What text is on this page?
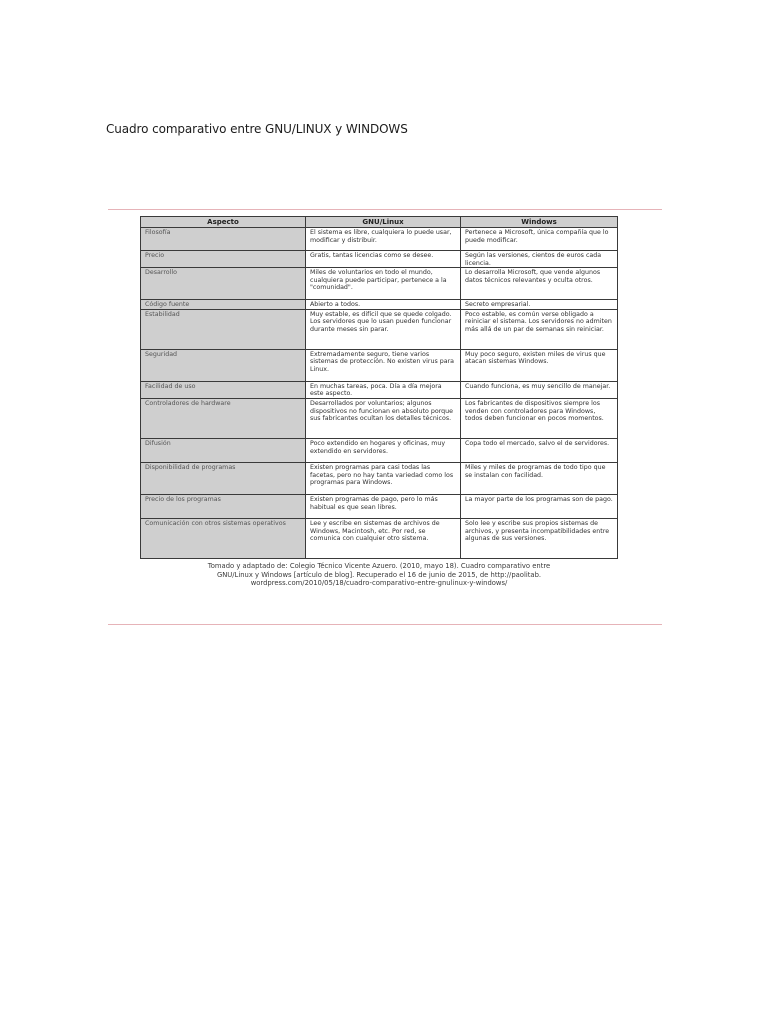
Cuadro comparativo entre GNU/LINUX y WINDOWS
Aspecto	GNU/Linux	Windows
Filosofía	El sistema es libre, cualquiera lo puede usar, modificar y distribuir.	Pertenece a Microsoft, única compañía que lo puede modificar.
Precio	Gratis, tantas licencias como se desee.	Según las versiones, cientos de euros cada licencia.
Desarrollo	Miles de voluntarios en todo el mundo, cualquiera puede participar, pertenece a la "comunidad".	Lo desarrolla Microsoft, que vende algunos datos técnicos relevantes y oculta otros.
Código fuente	Abierto a todos.	Secreto empresarial.
Estabilidad	Muy estable, es difícil que se quede colgado. Los servidores que lo usan pueden funcionar durante meses sin parar.	Poco estable, es común verse obligado a reiniciar el sistema. Los servidores no admiten más allá de un par de semanas sin reiniciar.
Seguridad	Extremadamente seguro, tiene varios sistemas de protección. No existen virus para Linux.	Muy poco seguro, existen miles de virus que atacan sistemas Windows.
Facilidad de uso	En muchas tareas, poca. Día a día mejora este aspecto.	Cuando funciona, es muy sencillo de manejar.
Controladores de hardware	Desarrollados por voluntarios; algunos dispositivos no funcionan en absoluto porque sus fabricantes ocultan los detalles técnicos.	Los fabricantes de dispositivos siempre los venden con controladores para Windows, todos deben funcionar en pocos momentos.
Difusión	Poco extendido en hogares y oficinas, muy extendido en servidores.	Copa todo el mercado, salvo el de servidores.
Disponibilidad de programas	Existen programas para casi todas las facetas, pero no hay tanta variedad como los programas para Windows.	Miles y miles de programas de todo tipo que se instalan con facilidad.
Precio de los programas	Existen programas de pago, pero lo más habitual es que sean libres.	La mayor parte de los programas son de pago.
Comunicación con otros sistemas operativos	Lee y escribe en sistemas de archivos de Windows, Macintosh, etc. Por red, se comunica con cualquier otro sistema.	Solo lee y escribe sus propios sistemas de archivos, y presenta incompatibilidades entre algunas de sus versiones.
Tomado y adaptado de: Colegio Técnico Vicente Azuero. (2010, mayo 18). Cuadro comparativo entre
GNU/Linux y Windows [artículo de blog]. Recuperado el 16 de junio de 2015, de http://paolitab.
wordpress.com/2010/05/18/cuadro-comparativo-entre-gnulinux-y-windows/
